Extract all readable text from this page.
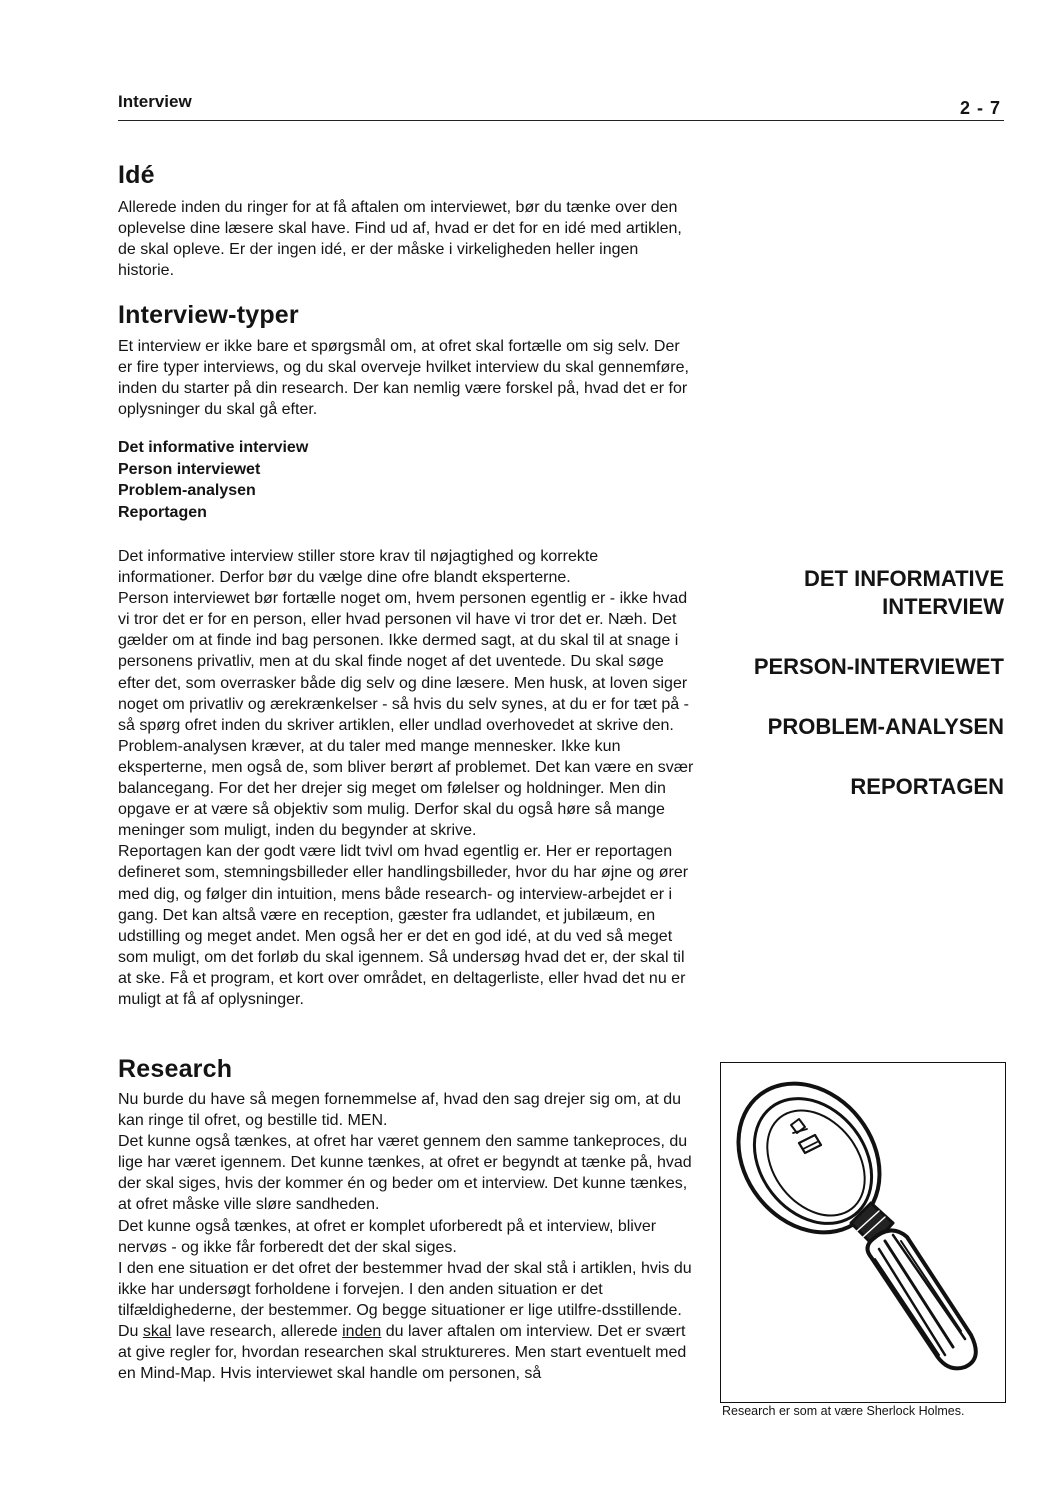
Interview	2 - 7
Idé

Allerede inden du ringer for at få aftalen om interviewet, bør du tænke over den oplevelse dine læsere skal have. Find ud af, hvad er det for en idé med artiklen, de skal opleve. Er der ingen idé, er der måske i virkeligheden heller ingen historie.

Interview-typer

Et interview er ikke bare et spørgsmål om, at ofret skal fortælle om sig selv. Der er fire typer interviews, og du skal overveje hvilket interview du skal gennemføre, inden du starter på din research. Der kan nemlig være forskel på, hvad det er for oplysninger du skal gå efter.

Det informative interview
Person interviewet
Problem-analysen
Reportagen

Det informative interview stiller store krav til nøjagtighed og korrekte informationer. Derfor bør du vælge dine ofre blandt eksperterne.

Person interviewet bør fortælle noget om, hvem personen egentlig er - ikke hvad vi tror det er for en person, eller hvad personen vil have vi tror det er. Næh. Det gælder om at finde ind bag personen. Ikke dermed sagt, at du skal til at snage i personens privatliv, men at du skal finde noget af det uventede. Du skal søge efter det, som overrasker både dig selv og dine læsere. Men husk, at loven siger noget om privatliv og ærekrænkelser - så hvis du selv synes, at du er for tæt på - så spørg ofret inden du skriver artiklen, eller undlad overhovedet at skrive den.

Problem-analysen kræver, at du taler med mange mennesker. Ikke kun eksperterne, men også de, som bliver berørt af problemet. Det kan være en svær balancegang. For det her drejer sig meget om følelser og holdninger. Men din opgave er at være så objektiv som mulig. Derfor skal du også høre så mange meninger som muligt, inden du begynder at skrive.

Reportagen kan der godt være lidt tvivl om hvad egentlig er. Her er reportagen defineret som, stemningsbilleder eller handlingsbilleder, hvor du har øjne og ører med dig, og følger din intuition, mens både research- og interview-arbejdet er i gang. Det kan altså være en reception, gæster fra udlandet, et jubilæum, en udstilling og meget andet. Men også her er det en god idé, at du ved så meget som muligt, om det forløb du skal igennem. Så undersøg hvad det er, der skal til at ske. Få et program, et kort over området, en deltagerliste, eller hvad det nu er muligt at få af oplysninger.

DET INFORMATIVE
INTERVIEW
PERSON-INTERVIEWET
PROBLEM-ANALYSEN
REPORTAGEN
Research

Nu burde du have så megen fornemmelse af, hvad den sag drejer sig om, at du kan ringe til ofret, og bestille tid. MEN.

Det kunne også tænkes, at ofret har været gennem den samme tankeproces, du lige har været igennem. Det kunne tænkes, at ofret er begyndt at tænke på, hvad der skal siges, hvis der kommer én og beder om et interview. Det kunne tænkes, at ofret måske ville sløre sandheden.

Det kunne også tænkes, at ofret er komplet uforberedt på et interview, bliver nervøs - og ikke får forberedt det der skal siges.

I den ene situation er det ofret der bestemmer hvad der skal stå i artiklen, hvis du ikke har undersøgt forholdene i forvejen. I den anden situation er det tilfældighederne, der bestemmer. Og begge situationer er lige utilfre-dsstillende.

Du skal lave research, allerede inden du laver aftalen om interview. Det er svært at give regler for, hvordan researchen skal struktureres. Men start eventuelt med en Mind-Map. Hvis interviewet skal handle om personen, så

Research er som at være Sherlock Holmes.
